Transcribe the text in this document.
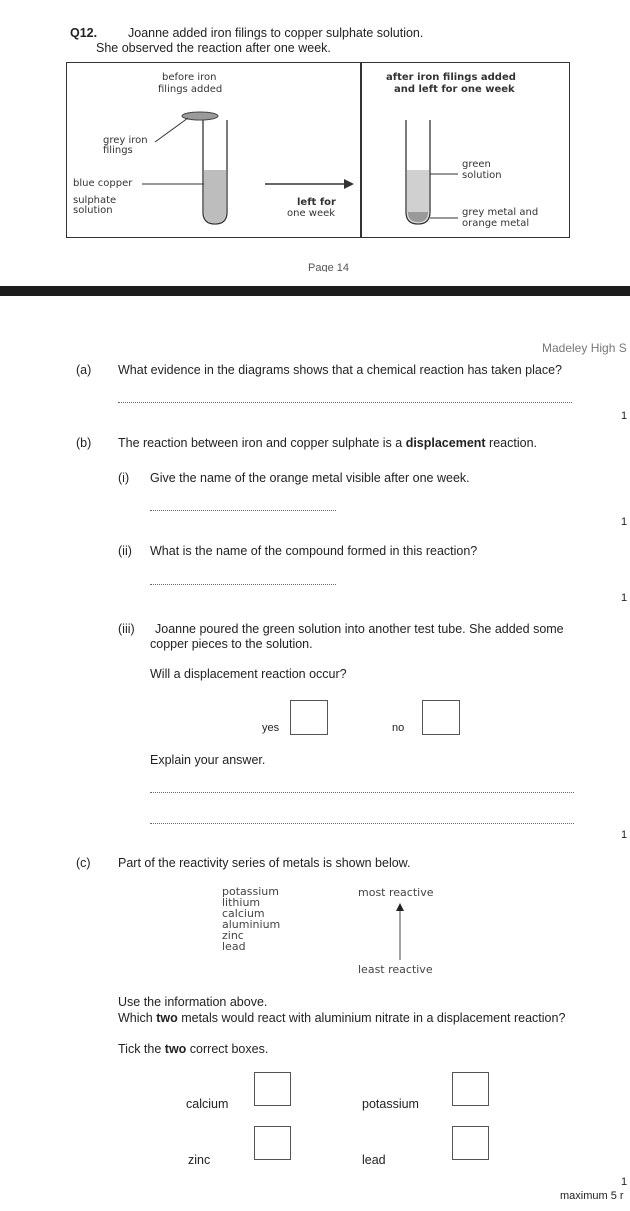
Q12. Joanne added iron filings to copper sulphate solution.
She observed the reaction after one week.
before iron
filings added
grey iron
filings
blue copper
sulphate
solution
left for
one week
after iron filings added
and left for one week
green
solution
grey metal and
orange metal
Page 14
Madeley High S
(a) What evidence in the diagrams shows that a chemical reaction has taken place?
1
(b) The reaction between iron and copper sulphate is a displacement reaction.
(i) Give the name of the orange metal visible after one week.
1
(ii) What is the name of the compound formed in this reaction?
1
(iii) Joanne poured the green solution into another test tube. She added some
copper pieces to the solution.
Will a displacement reaction occur?
yes	no
Explain your answer.
1
(c) Part of the reactivity series of metals is shown below.
potassium
lithium
calcium
aluminium
zinc
lead
most reactive
least reactive
Use the information above.
Which two metals would react with aluminium nitrate in a displacement reaction?
Tick the two correct boxes.
calcium	potassium
zinc	lead
1
maximum 5 r
